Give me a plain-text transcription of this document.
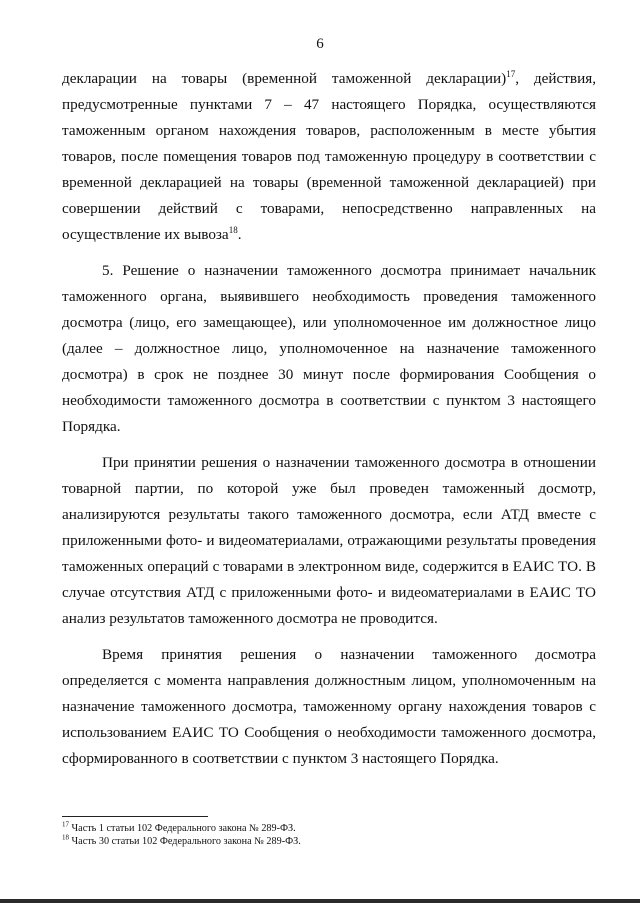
6

декларации на товары (временной таможенной декларации)$^{17}$, действия, предусмотренные пунктами 7 – 47 настоящего Порядка, осуществляются таможенным органом нахождения товаров, расположенным в месте убытия товаров, после помещения товаров под таможенную процедуру в соответствии с временной декларацией на товары (временной таможенной декларацией) при совершении действий с товарами, непосредственно направленных на осуществление их вывоза$^{18}$.

5. Решение о назначении таможенного досмотра принимает начальник таможенного органа, выявившего необходимость проведения таможенного досмотра (лицо, его замещающее), или уполномоченное им должностное лицо (далее – должностное лицо, уполномоченное на назначение таможенного досмотра) в срок не позднее 30 минут после формирования Сообщения о необходимости таможенного досмотра в соответствии с пунктом 3 настоящего Порядка.

При принятии решения о назначении таможенного досмотра в отношении товарной партии, по которой уже был проведен таможенный досмотр, анализируются результаты такого таможенного досмотра, если АТД вместе с приложенными фото- и видеоматериалами, отражающими результаты проведения таможенных операций с товарами в электронном виде, содержится в ЕАИС ТО. В случае отсутствия АТД с приложенными фото- и видеоматериалами в ЕАИС ТО анализ результатов таможенного досмотра не проводится.

Время принятия решения о назначении таможенного досмотра определяется с момента направления должностным лицом, уполномоченным на назначение таможенного досмотра, таможенному органу нахождения товаров с использованием ЕАИС ТО Сообщения о необходимости таможенного досмотра, сформированного в соответствии с пунктом 3 настоящего Порядка.

$^{17}$ Часть 1 статьи 102 Федерального закона № 289-ФЗ.
$^{18}$ Часть 30 статьи 102 Федерального закона № 289-ФЗ.
